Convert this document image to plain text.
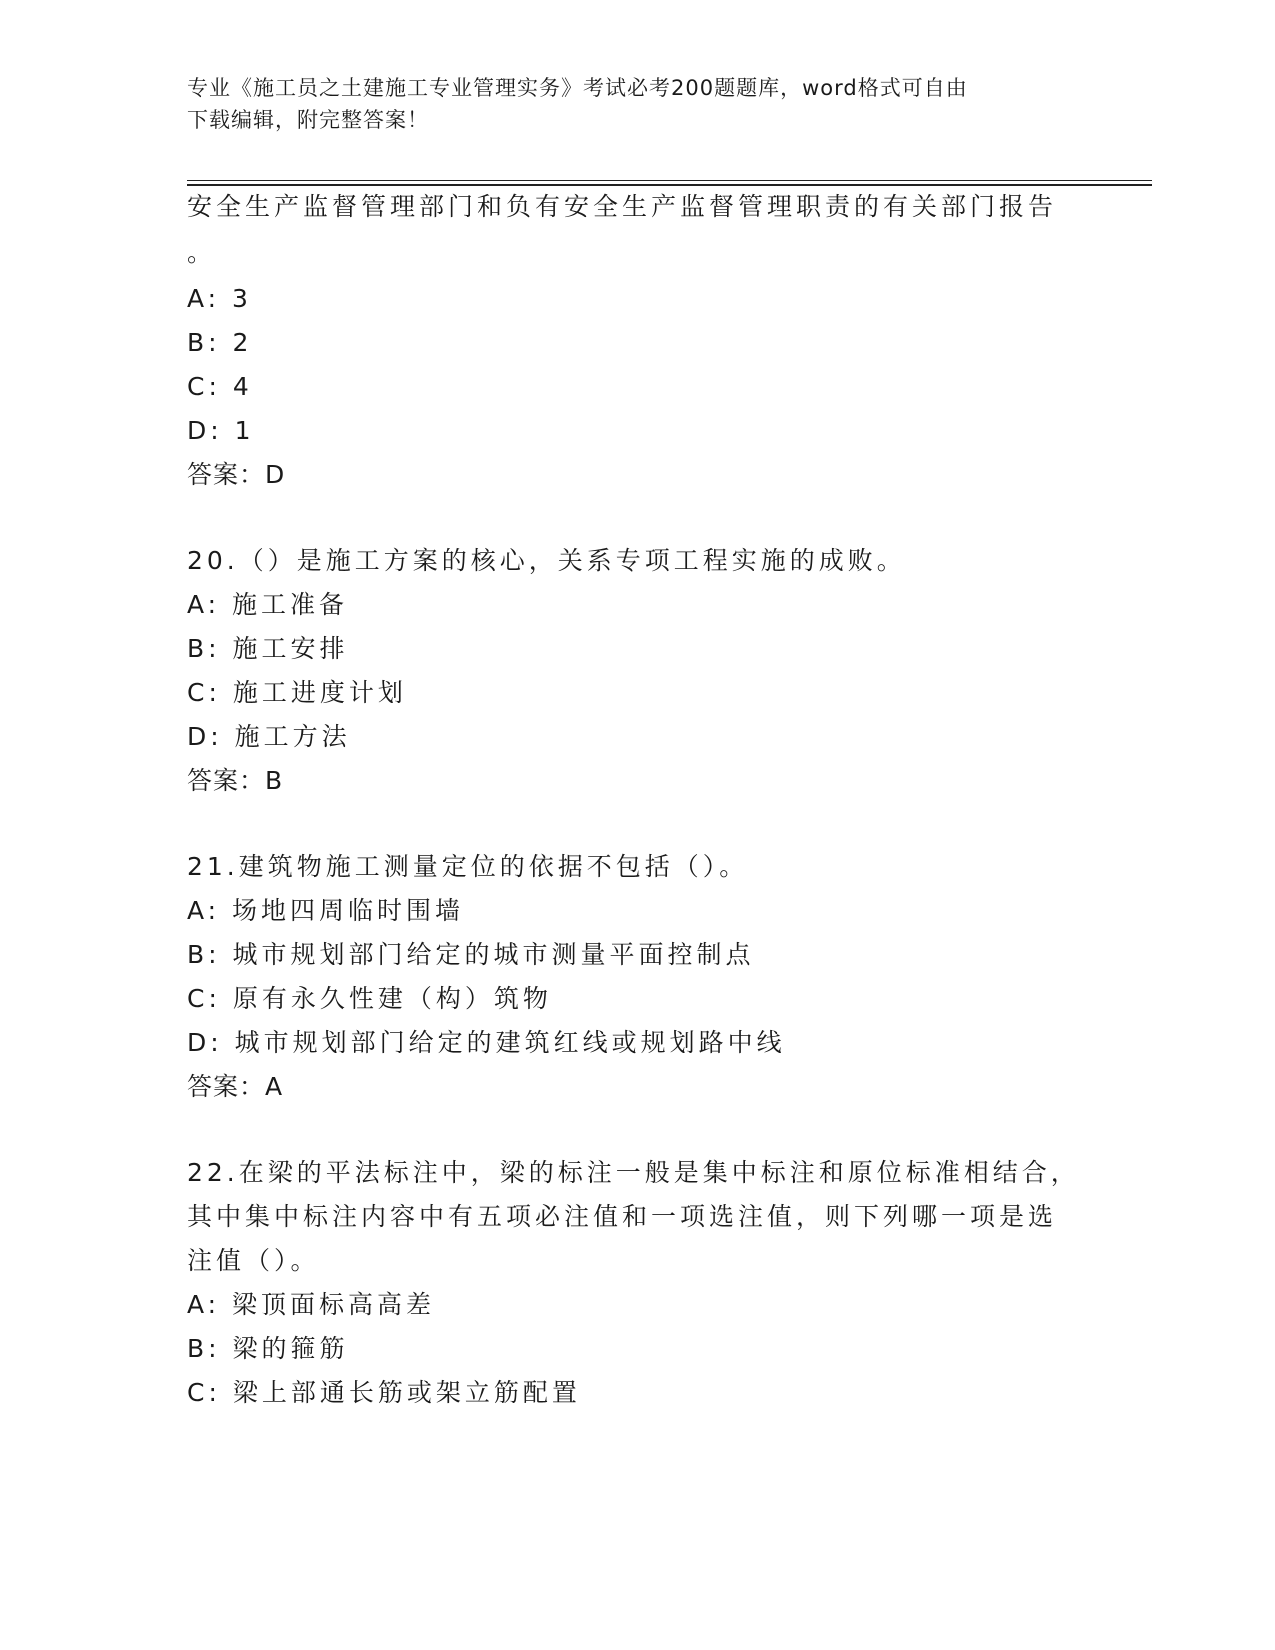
专业《施工员之土建施工专业管理实务》考试必考200题题库，word格式可自由
下载编辑，附完整答案！
安全生产监督管理部门和负有安全生产监督管理职责的有关部门报告
。
A: 3
B: 2
C: 4
D: 1
答案：D
20.（）是施工方案的核心，关系专项工程实施的成败。
A: 施工准备
B: 施工安排
C: 施工进度计划
D: 施工方法
答案：B
21.建筑物施工测量定位的依据不包括（）。
A: 场地四周临时围墙
B: 城市规划部门给定的城市测量平面控制点
C: 原有永久性建（构）筑物
D: 城市规划部门给定的建筑红线或规划路中线
答案：A
22.在梁的平法标注中，梁的标注一般是集中标注和原位标准相结合，
其中集中标注内容中有五项必注值和一项选注值，则下列哪一项是选
注值（）。
A: 梁顶面标高高差
B: 梁的箍筋
C: 梁上部通长筋或架立筋配置
